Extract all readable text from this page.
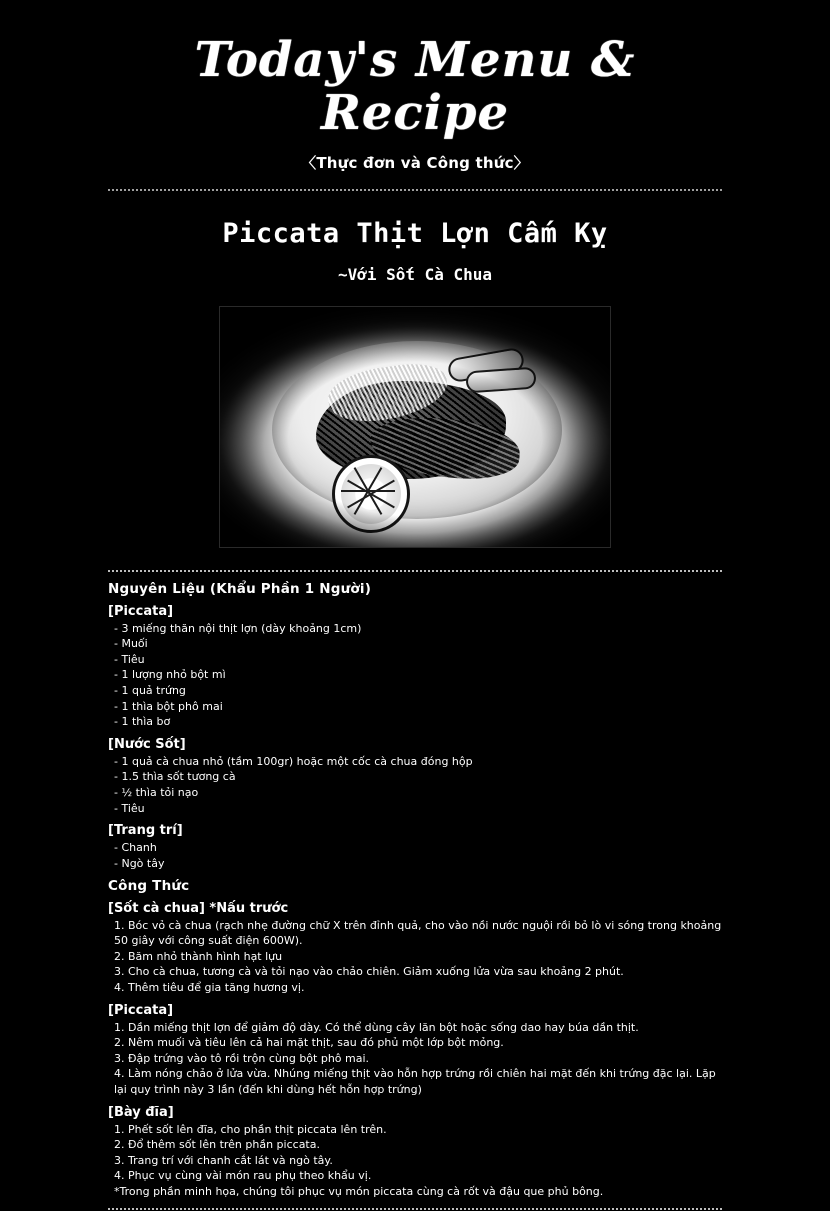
Today's Menu & Recipe
〈Thực đơn và Công thức〉
Piccata Thịt Lợn Cấm Kỵ
~Với Sốt Cà Chua
Nguyên Liệu (Khẩu Phần 1 Người)
[Piccata]
- 3 miếng thăn nội thịt lợn (dày khoảng 1cm)
- Muối
- Tiêu
- 1 lượng nhỏ bột mì
- 1 quả trứng
- 1 thìa bột phô mai
- 1 thìa bơ
[Nước Sốt]
- 1 quả cà chua nhỏ (tầm 100gr) hoặc một cốc cà chua đóng hộp
- 1.5 thìa sốt tương cà
- ½ thìa tỏi nạo
- Tiêu
[Trang trí]
- Chanh
- Ngò tây
Công Thức
[Sốt cà chua] *Nấu trước
1. Bóc vỏ cà chua (rạch nhẹ đường chữ X trên đỉnh quả, cho vào nồi nước nguội rồi bỏ lò vi sóng trong khoảng 50 giây với công suất điện 600W).
2. Băm nhỏ thành hình hạt lựu
3. Cho cà chua, tương cà và tỏi nạo vào chảo chiên. Giảm xuống lửa vừa sau khoảng 2 phút.
4. Thêm tiêu để gia tăng hương vị.
[Piccata]
1. Dần miếng thịt lợn để giảm độ dày. Có thể dùng cây lăn bột hoặc sống dao hay búa dần thịt.
2. Nêm muối và tiêu lên cả hai mặt thịt, sau đó phủ một lớp bột mỏng.
3. Đập trứng vào tô rồi trộn cùng bột phô mai.
4. Làm nóng chảo ở lửa vừa. Nhúng miếng thịt vào hỗn hợp trứng rồi chiên hai mặt đến khi trứng đặc lại. Lặp lại quy trình này 3 lần (đến khi dùng hết hỗn hợp trứng)
[Bày đĩa]
1. Phết sốt lên đĩa, cho phần thịt piccata lên trên.
2. Đổ thêm sốt lên trên phần piccata.
3. Trang trí với chanh cắt lát và ngò tây.
4. Phục vụ cùng vài món rau phụ theo khẩu vị.
*Trong phần minh họa, chúng tôi phục vụ món piccata cùng cà rốt và đậu que phủ bông.
